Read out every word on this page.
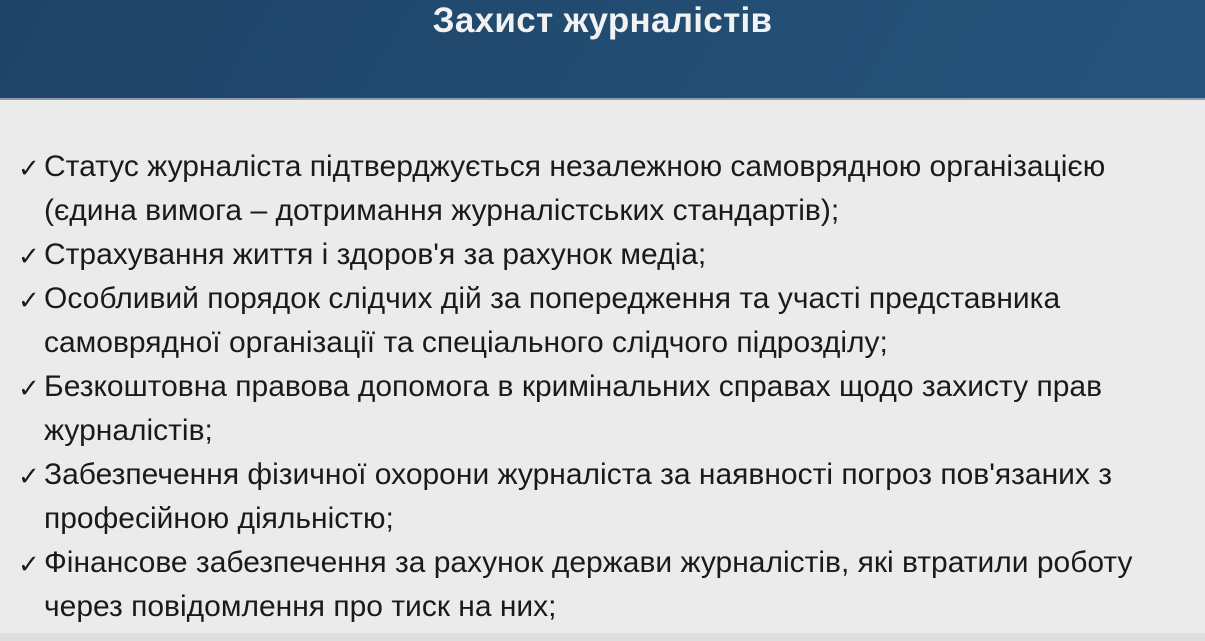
Захист журналістів
✓ Статус журналіста підтверджується незалежною самоврядною організацією (єдина вимога – дотримання журналістських стандартів);
✓ Страхування життя і здоров'я за рахунок медіа;
✓ Особливий порядок слідчих дій за попередження та участі представника самоврядної організації та спеціального слідчого підрозділу;
✓ Безкоштовна правова допомога в кримінальних справах щодо захисту прав журналістів;
✓ Забезпечення фізичної охорони журналіста за наявності погроз пов'язаних з професійною діяльністю;
✓ Фінансове забезпечення за рахунок держави журналістів, які втратили роботу через повідомлення про тиск на них;
